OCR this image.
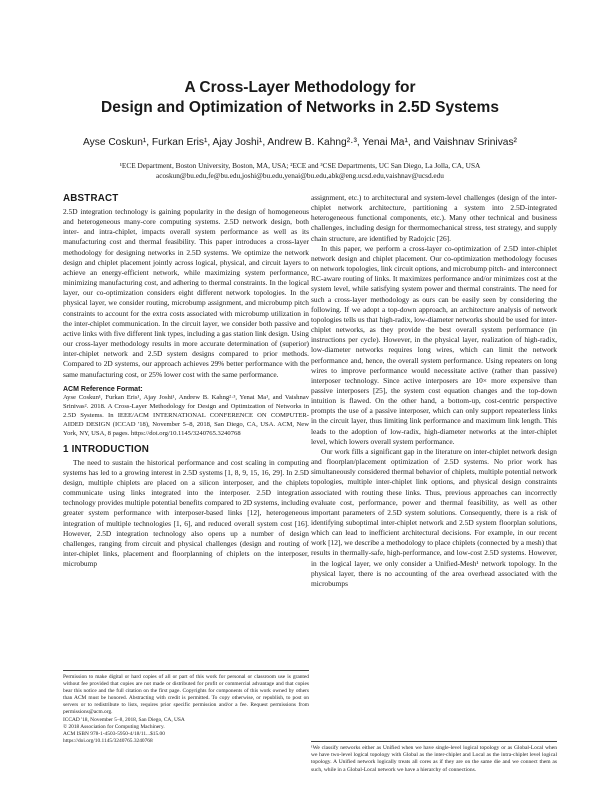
A Cross-Layer Methodology for
Design and Optimization of Networks in 2.5D Systems
Ayse Coskun¹, Furkan Eris¹, Ajay Joshi¹, Andrew B. Kahng²·³, Yenai Ma¹, and Vaishnav Srinivas²
¹ECE Department, Boston University, Boston, MA, USA; ²ECE and ³CSE Departments, UC San Diego, La Jolla, CA, USA
acoskun@bu.edu,fe@bu.edu,joshi@bu.edu,yenai@bu.edu,abk@eng.ucsd.edu,vaishnav@ucsd.edu
ABSTRACT

2.5D integration technology is gaining popularity in the design of homogeneous and heterogeneous many-core computing systems. 2.5D network design, both inter- and intra-chiplet, impacts overall system performance as well as its manufacturing cost and thermal feasibility. This paper introduces a cross-layer methodology for designing networks in 2.5D systems. We optimize the network design and chiplet placement jointly across logical, physical, and circuit layers to achieve an energy-efficient network, while maximizing system performance, minimizing manufacturing cost, and adhering to thermal constraints. In the logical layer, our co-optimization considers eight different network topologies. In the physical layer, we consider routing, microbump assignment, and microbump pitch constraints to account for the extra costs associated with microbump utilization in the inter-chiplet communication. In the circuit layer, we consider both passive and active links with five different link types, including a gas station link design. Using our cross-layer methodology results in more accurate determination of (superior) inter-chiplet network and 2.5D system designs compared to prior methods. Compared to 2D systems, our approach achieves 29% better performance with the same manufacturing cost, or 25% lower cost with the same performance.

ACM Reference Format:

Ayse Coskun¹, Furkan Eris¹, Ajay Joshi¹, Andrew B. Kahng²·³, Yenai Ma¹, and Vaishnav Srinivas². 2018. A Cross-Layer Methodology for Design and Optimization of Networks in 2.5D Systems. In IEEE/ACM INTERNATIONAL CONFERENCE ON COMPUTER-AIDED DESIGN (ICCAD '18), November 5–8, 2018, San Diego, CA, USA. ACM, New York, NY, USA, 8 pages. https://doi.org/10.1145/3240765.3240768

1 INTRODUCTION

The need to sustain the historical performance and cost scaling in computing systems has led to a growing interest in 2.5D systems [1, 8, 9, 15, 16, 29]. In 2.5D design, multiple chiplets are placed on a silicon interposer, and the chiplets communicate using links integrated into the interposer. 2.5D integration technology provides multiple potential benefits compared to 2D systems, including greater system performance with interposer-based links [12], heterogeneous integration of multiple technologies [1, 6], and reduced overall system cost [16]. However, 2.5D integration technology also opens up a number of design challenges, ranging from circuit and physical challenges (design and routing of inter-chiplet links, placement and floorplanning of chiplets on the interposer, microbump

Permission to make digital or hard copies of all or part of this work for personal or classroom use is granted without fee provided that copies are not made or distributed for profit or commercial advantage and that copies bear this notice and the full citation on the first page. Copyrights for components of this work owned by others than ACM must be honored. Abstracting with credit is permitted. To copy otherwise, or republish, to post on servers or to redistribute to lists, requires prior specific permission and/or a fee. Request permissions from permissions@acm.org.

ICCAD '18, November 5–8, 2018, San Diego, CA, USA

© 2018 Association for Computing Machinery.

ACM ISBN 978-1-4503-5950-4/18/11...$15.00

https://doi.org/10.1145/3240765.3240768

assignment, etc.) to architectural and system-level challenges (design of the inter-chiplet network architecture, partitioning a system into 2.5D-integrated heterogeneous functional components, etc.). Many other technical and business challenges, including design for thermomechanical stress, test strategy, and supply chain structure, are identified by Radojcic [26].

In this paper, we perform a cross-layer co-optimization of 2.5D inter-chiplet network design and chiplet placement. Our co-optimization methodology focuses on network topologies, link circuit options, and microbump pitch- and interconnect RC-aware routing of links. It maximizes performance and/or minimizes cost at the system level, while satisfying system power and thermal constraints. The need for such a cross-layer methodology as ours can be easily seen by considering the following. If we adopt a top-down approach, an architecture analysis of network topologies tells us that high-radix, low-diameter networks should be used for inter-chiplet networks, as they provide the best overall system performance (in instructions per cycle). However, in the physical layer, realization of high-radix, low-diameter networks requires long wires, which can limit the network performance and, hence, the overall system performance. Using repeaters on long wires to improve performance would necessitate active (rather than passive) interposer technology. Since active interposers are 10× more expensive than passive interposers [25], the system cost equation changes and the top-down intuition is flawed. On the other hand, a bottom-up, cost-centric perspective prompts the use of a passive interposer, which can only support repeaterless links in the circuit layer, thus limiting link performance and maximum link length. This leads to the adoption of low-radix, high-diameter networks at the inter-chiplet level, which lowers overall system performance.

Our work fills a significant gap in the literature on inter-chiplet network design and floorplan/placement optimization of 2.5D systems. No prior work has simultaneously considered thermal behavior of chiplets, multiple potential network topologies, multiple inter-chiplet link options, and physical design constraints associated with routing these links. Thus, previous approaches can incorrectly evaluate cost, performance, power and thermal feasibility, as well as other important parameters of 2.5D system solutions. Consequently, there is a risk of identifying suboptimal inter-chiplet network and 2.5D system floorplan solutions, which can lead to inefficient architectural decisions. For example, in our recent work [12], we describe a methodology to place chiplets (connected by a mesh) that results in thermally-safe, high-performance, and low-cost 2.5D systems. However, in the logical layer, we only consider a Unified-Mesh¹ network topology. In the physical layer, there is no accounting of the area overhead associated with the microbumps

¹We classify networks either as Unified when we have single-level logical topology or as Global-Local when we have two-level logical topology with Global as the inter-chiplet and Local as the intra-chiplet level logical topology. A Unified network logically treats all cores as if they are on the same die and we connect them as such, while in a Global-Local network we have a hierarchy of connections.
